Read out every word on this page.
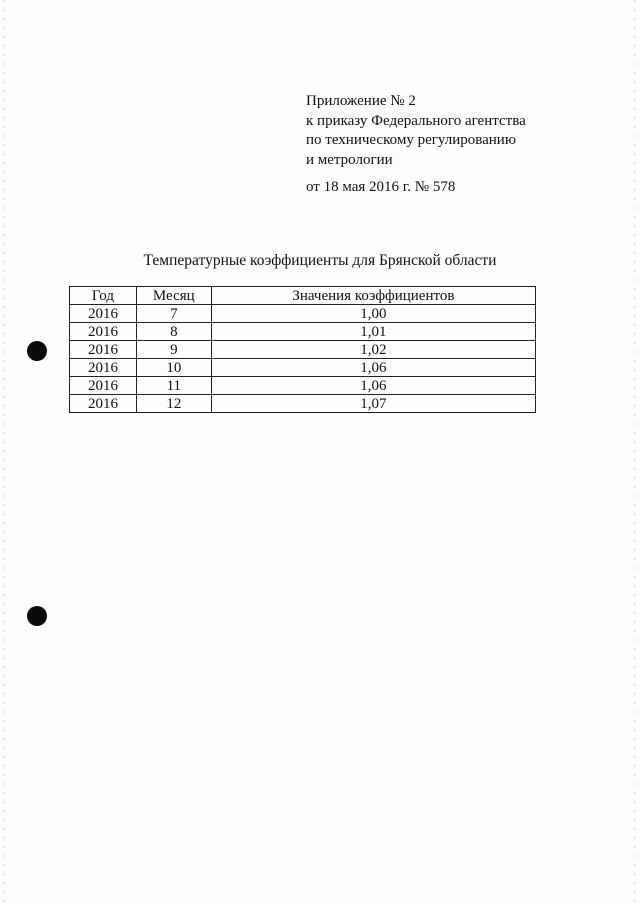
Приложение № 2
к приказу Федерального агентства
по техническому регулированию
и метрологии
от 18 мая 2016 г. № 578
Температурные коэффициенты для Брянской области
Год	Месяц	Значения коэффициентов
2016	7	1,00
2016	8	1,01
2016	9	1,02
2016	10	1,06
2016	11	1,06
2016	12	1,07
